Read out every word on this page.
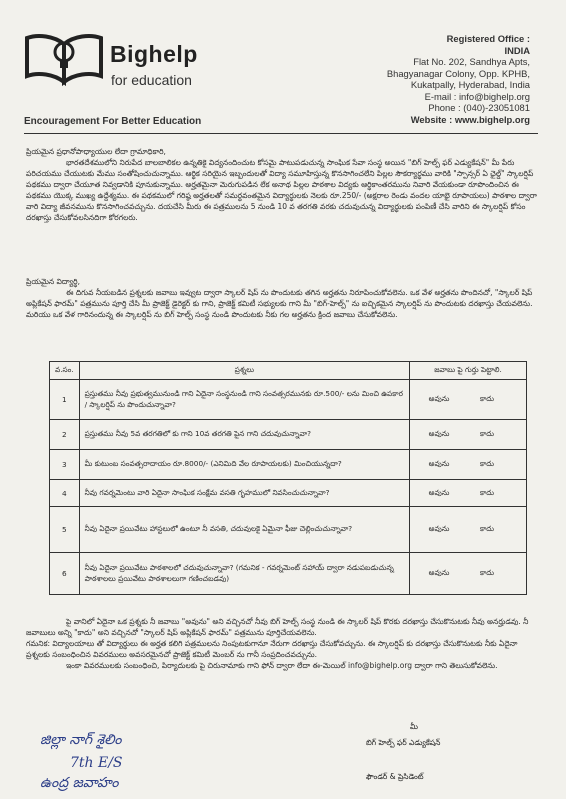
Bighelp
for education
Encouragement For Better Education
Registered Office :
INDIA
Flat No. 202, Sandhya Apts,
Bhagyanagar Colony, Opp. KPHB,
Kukatpally, Hyderabad, India
E-mail : info@bighelp.org
Phone : (040)-23051081
Website : www.bighelp.org

ప్రియమైన ప్రధానోపాధ్యాయుల లేదా గ్రామాధికారి,

భారతదేశములోని నిరుపేద బాలబాలికల ఉన్నతికై విద్యనందించుట కోసమై పాటుపడుచున్న సాంఘిక సేవా సంస్థ అయిన "బిగ్ హెల్ప్ ఫర్ ఎడ్యుకేషన్" మీ పేరు పరిచయము చేయుటకు మేము సంతోషించుచున్నాము. ఆర్థిక సరియైన ఇబ్బందులతో విద్యా సమూహిస్తున్న కొనసాగించలేని పిల్లల సౌకర్యార్థము వారికి "స్పాన్సర్ ఏ ఛైల్డ్" స్కాలర్షిప్ పథకము ద్వారా చేయూత నివ్వడానికి పూనుకున్నాము. అర్హతమైనా మెరుగుపడిన లేక అనాథ పిల్లల పాఠశాల విద్యకు ఆర్థికాంతరమును నివారి వేయకుండా రూపొందించిన ఈ పథకము యొక్క ముఖ్య ఉద్దేశ్యము. ఈ పథకములో గరిష్ఠ అర్హతలతో సమర్థవంతమైన విద్యార్థులకు నెలకు రూ.250/- (అక్షరాల రెండు వందల యాభై రూపాయలు) పాఠశాల ద్వారా వారి విద్యా జీవనమును కొనసాగించవచ్చును. దయచేసి మీరు ఈ పత్రములను 5 నుండి 10 వ తరగతి వరకు చదువుచున్న విద్యార్థులకు పంపిణీ చేసి వారిని ఈ స్కాలర్షిప్ కోసం దరఖాస్తు చేసుకోవలసినదిగా కోరగలరు.

ప్రియమైన విద్యార్థి,

ఈ దిగువ నీయబడిన ప్రశ్నలకు జవాబు ఇవ్వుట ద్వారా స్కాలర్ షిప్ ను పొందుటకు తగిన అర్హతను నిరూపించుకోవలెను. ఒక వేళ అర్హతను పొందినచో, "స్కాలర్ షిప్ అప్లికేషన్ ఫారమ్" పత్రమును పూర్తి చేసి మీ ప్రాజెక్ట్ డైరెక్టర్ కు గాని, ప్రాజెక్ట్ కమిటీ సభ్యులకు గాని మీ "బిగ్-హెల్ప్" ను ఐచ్ఛికమైన స్కాలర్షిప్ ను పొందుటకు దరఖాస్తు చేయవలెను. మరియు ఒక వేళ గారినందున్న ఈ స్కాలర్షిప్ ను బిగ్ హెల్ప్ సంస్థ నుండి పొందుటకు నీకు గల అర్హతను క్రింద జవాబు చేసుకోవలెను.

వ.సం.	ప్రశ్నలు	జవాబు పై గుర్తు పెట్టాలి.
1	ప్రస్తుతము నీవు ప్రభుత్వమునుండి గాని ఏదైనా సంస్థనుండి గాని సంవత్సరమునకు రూ.500/- లను మించి ఉపకార / స్కాలర్షిప్ ను పొందుచున్నావా?	అవును కాదు
2	ప్రస్తుతము నీవు 5వ తరగతిలో కు గాని 10వ తరగతి పైన గాని చదువుచున్నావా?	అవును కాదు
3	మీ కుటుంబ సంవత్సరాదాయం రూ.8000/- (ఎనిమిది వేల రూపాయలకు) మించియున్నదా?	అవును కాదు
4	నీవు గవర్నమెంటు వారి ఏదైనా సాంఘిక సంక్షేమ వసతి గృహములో నివసించుచున్నావా?	అవును కాదు
5	నీవు ఏదైనా ప్రయివేటు హాస్టలులో ఉంటూ నీ వసతి, చదువులకై ఏమైనా ఫీజు చెల్లించుచున్నావా?	అవును కాదు
6	నీవు ఏదైనా ప్రయివేటు పాఠశాలలో చదువుచున్నావా? (గమనిక - గవర్నమెంట్ సహాయ్ ద్వారా నడుపబడుచున్న పాఠశాలలు ప్రయివేటు పాఠశాలలుగా గణించబడవు)	అవును కాదు

పై వానిలో ఏదైనా ఒక ప్రశ్నకు నీ జవాబు "అవును" అని వచ్చినచో నీవు బిగ్ హెల్ప్ సంస్థ నుండి ఈ స్కాలర్ షిప్ కొరకు దరఖాస్తు చేసుకొనుటకు నీవు అనర్హుడవు. నీ జవాబులు అన్ని "కాదు" అని వచ్చినచో "స్కాలర్ షిప్ అప్లికేషన్ ఫారమ్" పత్రమును పూర్తిచేయవలెను.

గమనిక: విద్యాలయాలు తో విద్యార్థులు ఈ అర్హత కలిగి పత్రములను నింపుటకుగానూ నేరుగా దరఖాస్తు చేసుకోవచ్చును. ఈ స్కాలర్షిప్ కు దరఖాస్తు చేసుకొనుటకు నీకు ఏదైనా ప్రశ్నలకు సంబంధించిన వివరములు అవసరమైనచో ప్రాజెక్ట్ కమిటీ మెంబర్ ను గానీ సంప్రదించవచ్చును.

ఇంకా వివరములకు సంబంధించి, పిర్యాదులకు పై చిరునామాకు గాని ఫోన్ ద్వారా లేదా ఈ-మెయిల్ info@bighelp.org ద్వారా గాని తెలుసుకోవలెను.

మీ
బిగ్ హెల్ప్ ఫర్ ఎడ్యుకేషన్
ఫౌండర్ & ప్రెసిడెంట్
జిల్లా నాగ్ శైలిం
7th E/S
ఉంద్ర జవాహం
